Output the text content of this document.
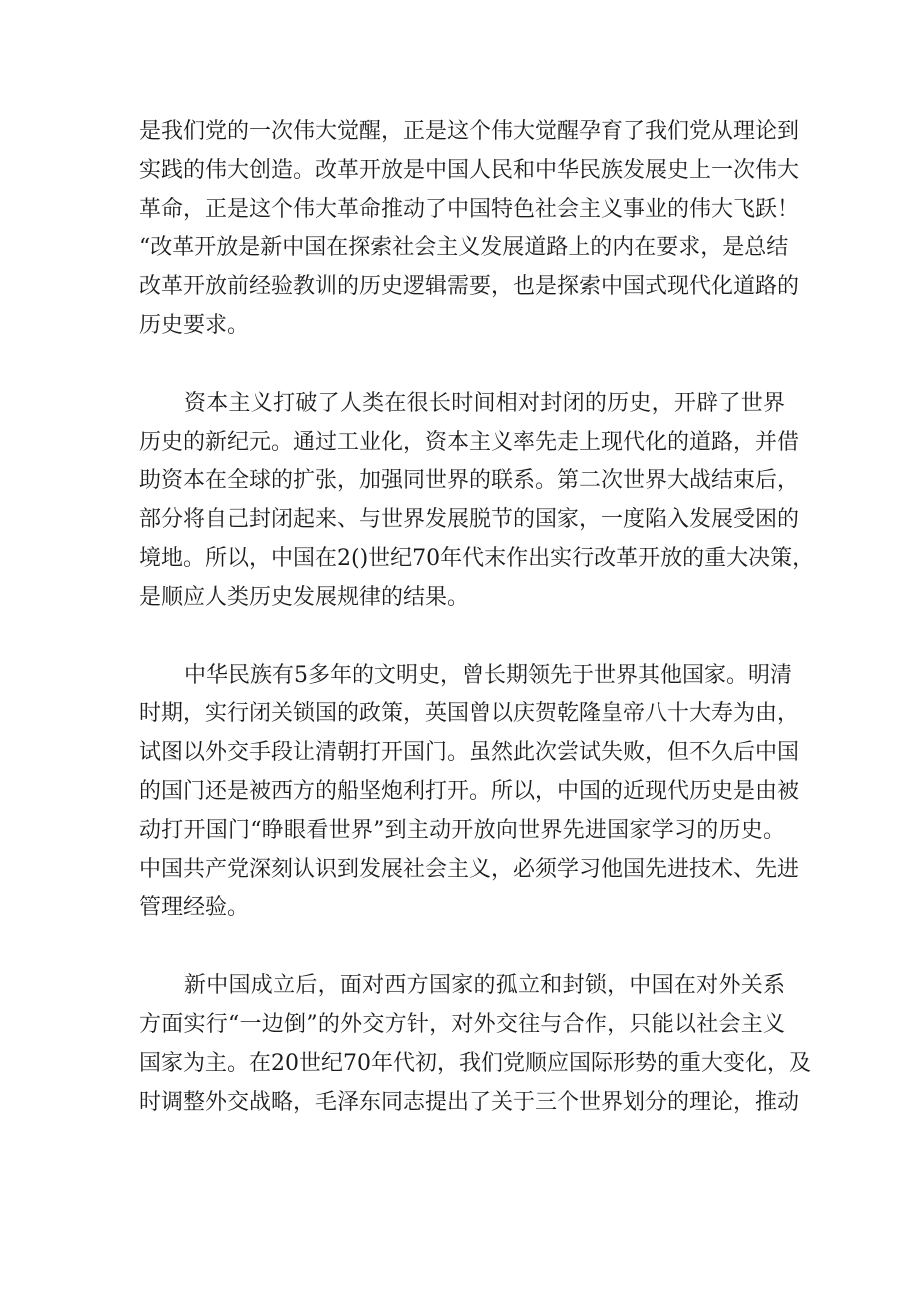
是我们党的一次伟大觉醒，正是这个伟大觉醒孕育了我们党从理论到
实践的伟大创造。改革开放是中国人民和中华民族发展史上一次伟大
革命，正是这个伟大革命推动了中国特色社会主义事业的伟大飞跃！
“改革开放是新中国在探索社会主义发展道路上的内在要求，是总结
改革开放前经验教训的历史逻辑需要，也是探索中国式现代化道路的
历史要求。
资本主义打破了人类在很长时间相对封闭的历史，开辟了世界
历史的新纪元。通过工业化，资本主义率先走上现代化的道路，并借
助资本在全球的扩张，加强同世界的联系。第二次世界大战结束后，
部分将自己封闭起来、与世界发展脱节的国家，一度陷入发展受困的
境地。所以，中国在2()世纪70年代末作出实行改革开放的重大决策，
是顺应人类历史发展规律的结果。
中华民族有5多年的文明史，曾长期领先于世界其他国家。明清
时期，实行闭关锁国的政策，英国曾以庆贺乾隆皇帝八十大寿为由，
试图以外交手段让清朝打开国门。虽然此次尝试失败，但不久后中国
的国门还是被西方的船坚炮利打开。所以，中国的近现代历史是由被
动打开国门“睁眼看世界”到主动开放向世界先进国家学习的历史。
中国共产党深刻认识到发展社会主义，必须学习他国先进技术、先进
管理经验。
新中国成立后，面对西方国家的孤立和封锁，中国在对外关系
方面实行“一边倒”的外交方针，对外交往与合作，只能以社会主义
国家为主。在20世纪70年代初，我们党顺应国际形势的重大变化，及
时调整外交战略，毛泽东同志提出了关于三个世界划分的理论，推动
